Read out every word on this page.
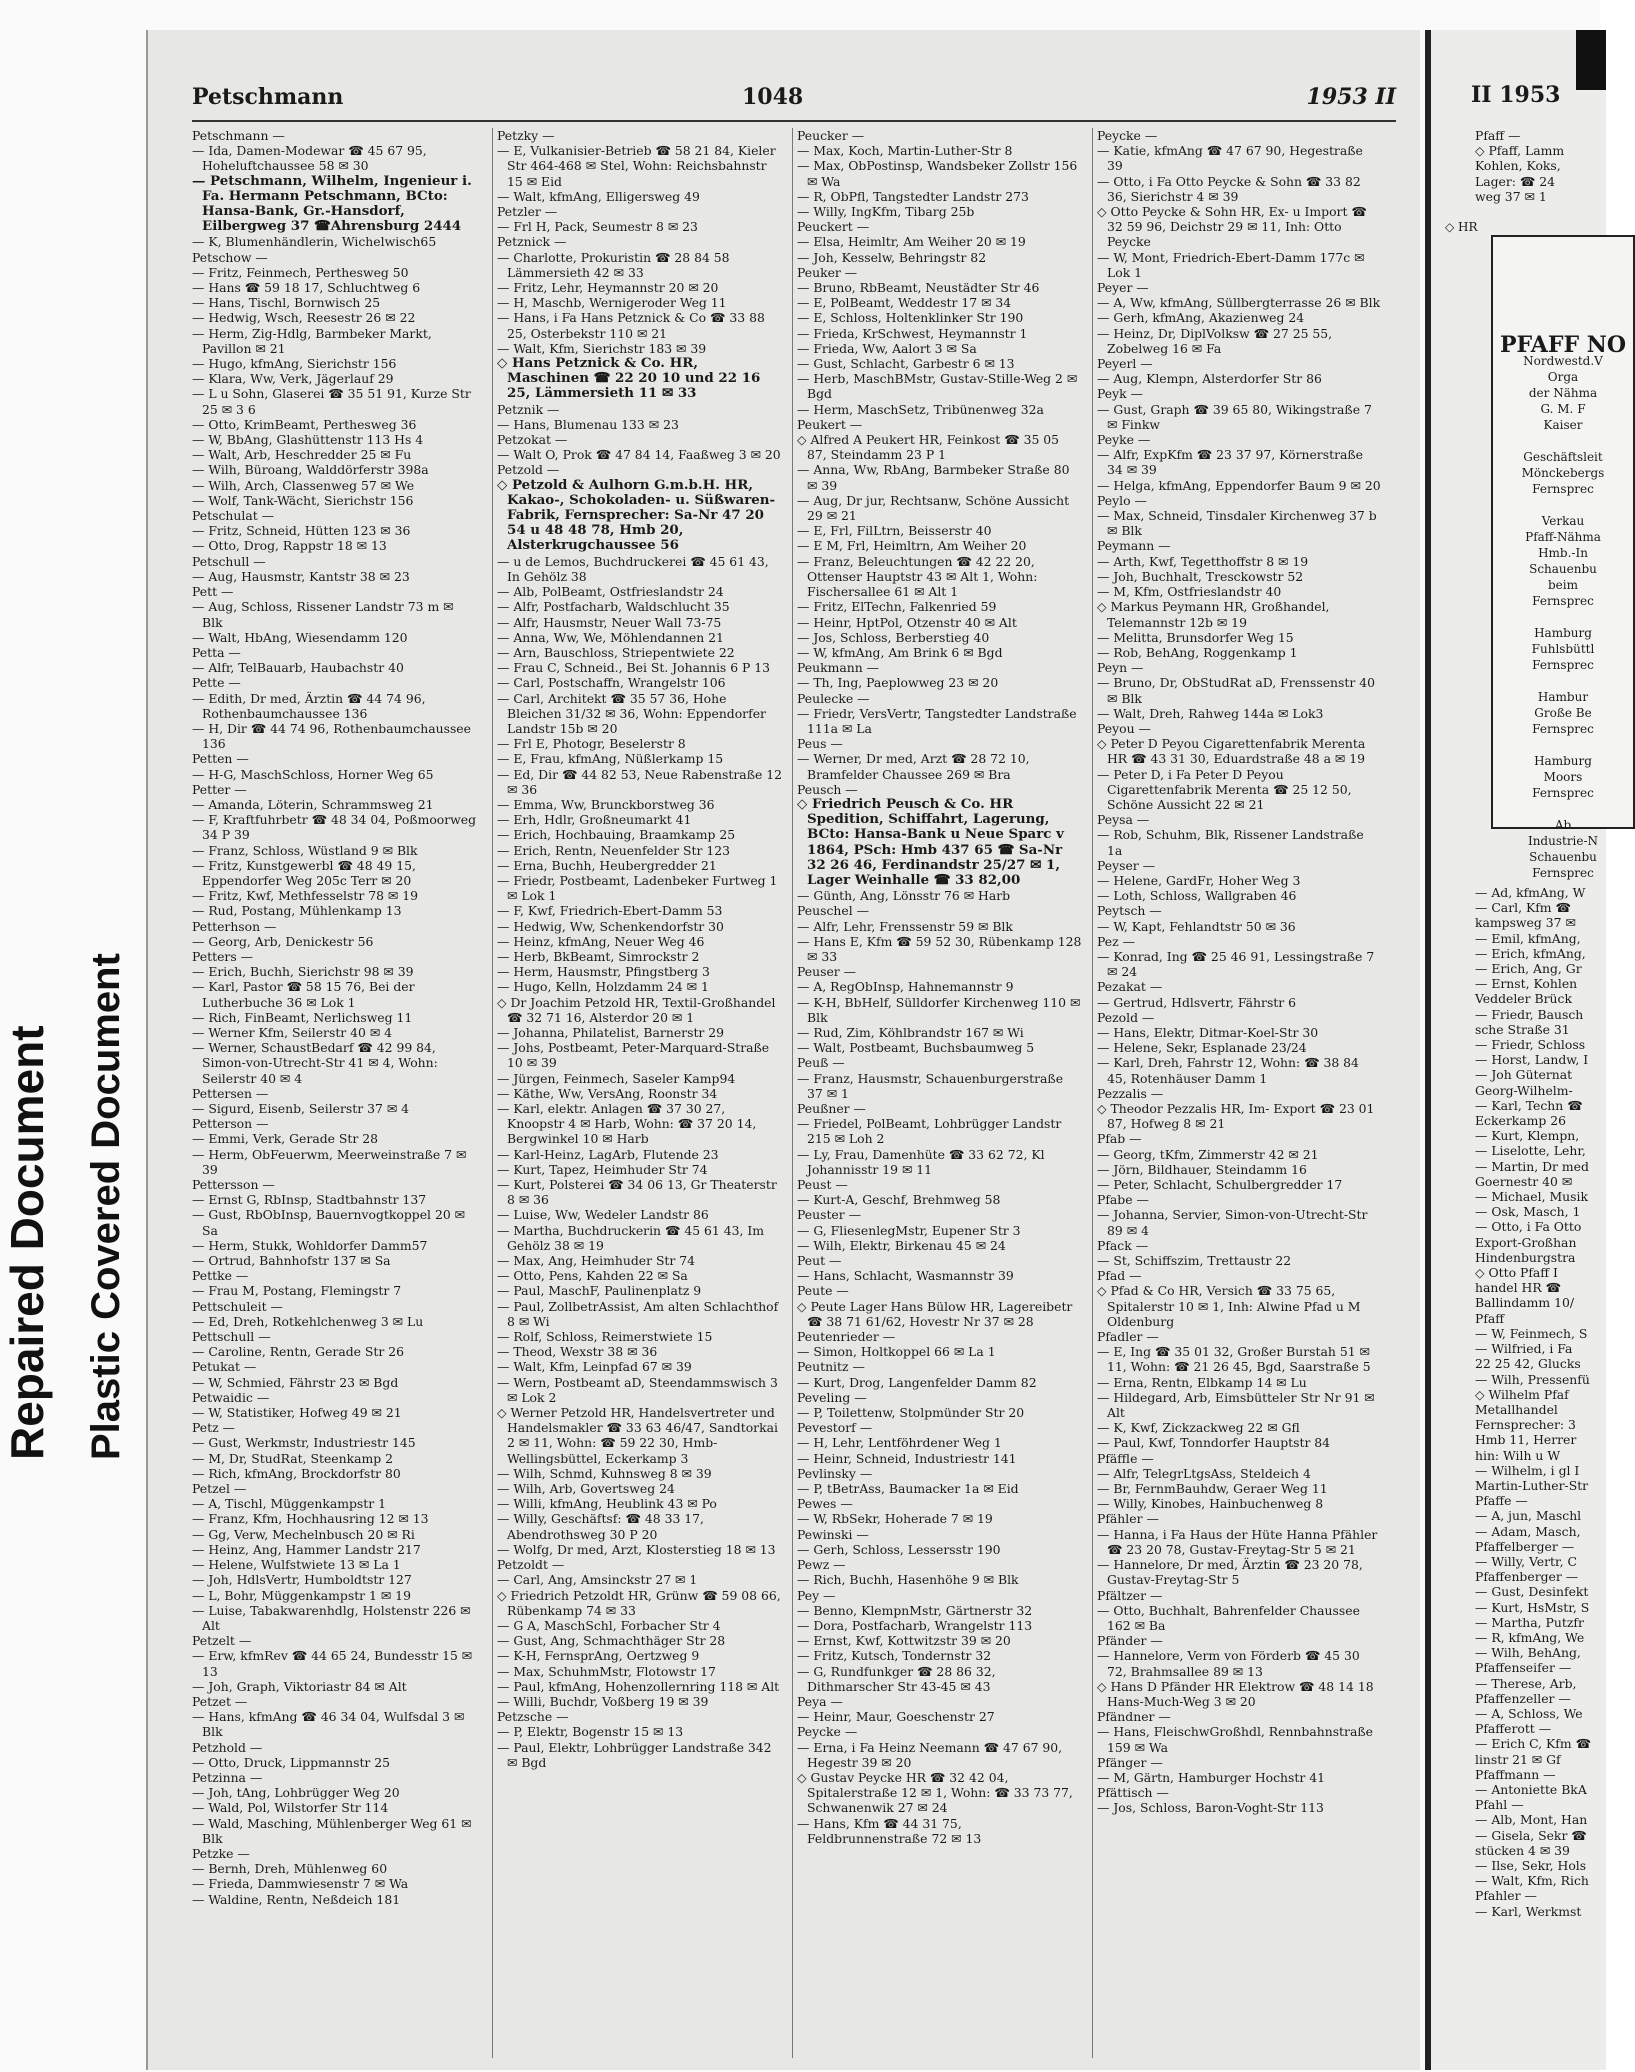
Repaired Document Plastic Covered Document
Petschmann	1048	1953 II

Petschmann —

— Ida, Damen-Modewar ☎ 45 67 95, Hoheluftchaussee 58 ✉ 30

— Petschmann, Wilhelm, Ingenieur i. Fa. Hermann Petschmann, BCto: Hansa-Bank, Gr.-Hansdorf, Eilbergweg 37 ☎Ahrensburg 2444

— K, Blumenhändlerin, Wichelwisch65

Petschow —

— Fritz, Feinmech, Perthesweg 50

— Hans ☎ 59 18 17, Schluchtweg 6

— Hans, Tischl, Bornwisch 25

— Hedwig, Wsch, Reesestr 26 ✉ 22

— Herm, Zig-Hdlg, Barmbeker Markt, Pavillon ✉ 21

— Hugo, kfmAng, Sierichstr 156

— Klara, Ww, Verk, Jägerlauf 29

— L u Sohn, Glaserei ☎ 35 51 91, Kurze Str 25 ✉ 3 6

— Otto, KrimBeamt, Perthesweg 36

— W, BbAng, Glashüttenstr 113 Hs 4

— Walt, Arb, Heschredder 25 ✉ Fu

— Wilh, Büroang, Walddörferstr 398a

— Wilh, Arch, Classenweg 57 ✉ We

— Wolf, Tank-Wächt, Sierichstr 156

Petschulat —

— Fritz, Schneid, Hütten 123 ✉ 36

— Otto, Drog, Rappstr 18 ✉ 13

Petschull —

— Aug, Hausmstr, Kantstr 38 ✉ 23

Pett —

— Aug, Schloss, Rissener Landstr 73 m ✉ Blk

— Walt, HbAng, Wiesendamm 120

Petta —

— Alfr, TelBauarb, Haubachstr 40

Pette —

— Edith, Dr med, Ärztin ☎ 44 74 96, Rothenbaumchaussee 136

— H, Dir ☎ 44 74 96, Rothenbaumchaussee 136

Petten —

— H-G, MaschSchloss, Horner Weg 65

Petter —

— Amanda, Löterin, Schrammsweg 21

— F, Kraftfuhrbetr ☎ 48 34 04, Poßmoorweg 34 P 39

— Franz, Schloss, Wüstland 9 ✉ Blk

— Fritz, Kunstgewerbl ☎ 48 49 15, Eppendorfer Weg 205c Terr ✉ 20

— Fritz, Kwf, Methfesselstr 78 ✉ 19

— Rud, Postang, Mühlenkamp 13

Petterhson —

— Georg, Arb, Denickestr 56

Petters —

— Erich, Buchh, Sierichstr 98 ✉ 39

— Karl, Pastor ☎ 58 15 76, Bei der Lutherbuche 36 ✉ Lok 1

— Rich, FinBeamt, Nerlichsweg 11

— Werner Kfm, Seilerstr 40 ✉ 4

— Werner, SchaustBedarf ☎ 42 99 84, Simon-von-Utrecht-Str 41 ✉ 4, Wohn: Seilerstr 40 ✉ 4

Pettersen —

— Sigurd, Eisenb, Seilerstr 37 ✉ 4

Petterson —

— Emmi, Verk, Gerade Str 28

— Herm, ObFeuerwm, Meerweinstraße 7 ✉ 39

Pettersson —

— Ernst G, RbInsp, Stadtbahnstr 137

— Gust, RbObInsp, Bauernvogtkoppel 20 ✉ Sa

— Herm, Stukk, Wohldorfer Damm57

— Ortrud, Bahnhofstr 137 ✉ Sa

Pettke —

— Frau M, Postang, Flemingstr 7

Pettschuleit —

— Ed, Dreh, Rotkehlchenweg 3 ✉ Lu

Pettschull —

— Caroline, Rentn, Gerade Str 26

Petukat —

— W, Schmied, Fährstr 23 ✉ Bgd

Petwaidic —

— W, Statistiker, Hofweg 49 ✉ 21

Petz —

— Gust, Werkmstr, Industriestr 145

— M, Dr, StudRat, Steenkamp 2

— Rich, kfmAng, Brockdorfstr 80

Petzel —

— A, Tischl, Müggenkampstr 1

— Franz, Kfm, Hochhausring 12 ✉ 13

— Gg, Verw, Mechelnbusch 20 ✉ Ri

— Heinz, Ang, Hammer Landstr 217

— Helene, Wulfstwiete 13 ✉ La 1

— Joh, HdlsVertr, Humboldtstr 127

— L, Bohr, Müggenkampstr 1 ✉ 19

— Luise, Tabakwarenhdlg, Holstenstr 226 ✉ Alt

Petzelt —

— Erw, kfmRev ☎ 44 65 24, Bundesstr 15 ✉ 13

— Joh, Graph, Viktoriastr 84 ✉ Alt

Petzet —

— Hans, kfmAng ☎ 46 34 04, Wulfsdal 3 ✉ Blk

Petzhold —

— Otto, Druck, Lippmannstr 25

Petzinna —

— Joh, tAng, Lohbrügger Weg 20

— Wald, Pol, Wilstorfer Str 114

— Wald, Masching, Mühlenberger Weg 61 ✉ Blk

Petzke —

— Bernh, Dreh, Mühlenweg 60

— Frieda, Dammwiesenstr 7 ✉ Wa

— Waldine, Rentn, Neßdeich 181

Petzky —

— E, Vulkanisier-Betrieb ☎ 58 21 84, Kieler Str 464-468 ✉ Stel, Wohn: Reichsbahnstr 15 ✉ Eid

— Walt, kfmAng, Elligersweg 49

Petzler —

— Frl H, Pack, Seumestr 8 ✉ 23

Petznick —

— Charlotte, Prokuristin ☎ 28 84 58 Lämmersieth 42 ✉ 33

— Fritz, Lehr, Heymannstr 20 ✉ 20

— H, Maschb, Wernigeroder Weg 11

— Hans, i Fa Hans Petznick & Co ☎ 33 88 25, Osterbekstr 110 ✉ 21

— Walt, Kfm, Sierichstr 183 ✉ 39

◇ Hans Petznick & Co. HR, Maschinen ☎ 22 20 10 und 22 16 25, Lämmersieth 11 ✉ 33

Petznik —

— Hans, Blumenau 133 ✉ 23

Petzokat —

— Walt O, Prok ☎ 47 84 14, Faaßweg 3 ✉ 20

Petzold —

◇ Petzold & Aulhorn G.m.b.H. HR, Kakao-, Schokoladen- u. Süßwaren-Fabrik, Fernsprecher: Sa-Nr 47 20 54 u 48 48 78, Hmb 20, Alsterkrugchaussee 56

— u de Lemos, Buchdruckerei ☎ 45 61 43, In Gehölz 38

— Alb, PolBeamt, Ostfrieslandstr 24

— Alfr, Postfacharb, Waldschlucht 35

— Alfr, Hausmstr, Neuer Wall 73-75

— Anna, Ww, We, Möhlendannen 21

— Arn, Bauschloss, Striepentwiete 22

— Frau C, Schneid., Bei St. Johannis 6 P 13

— Carl, Postschaffn, Wrangelstr 106

— Carl, Architekt ☎ 35 57 36, Hohe Bleichen 31/32 ✉ 36, Wohn: Eppendorfer Landstr 15b ✉ 20

— Frl E, Photogr, Beselerstr 8

— E, Frau, kfmAng, Nüßlerkamp 15

— Ed, Dir ☎ 44 82 53, Neue Rabenstraße 12 ✉ 36

— Emma, Ww, Brunckborstweg 36

— Erh, Hdlr, Großneumarkt 41

— Erich, Hochbauing, Braamkamp 25

— Erich, Rentn, Neuenfelder Str 123

— Erna, Buchh, Heubergredder 21

— Friedr, Postbeamt, Ladenbeker Furtweg 1 ✉ Lok 1

— F, Kwf, Friedrich-Ebert-Damm 53

— Hedwig, Ww, Schenkendorfstr 30

— Heinz, kfmAng, Neuer Weg 46

— Herb, BkBeamt, Simrockstr 2

— Herm, Hausmstr, Pfingstberg 3

— Hugo, Kelln, Holzdamm 24 ✉ 1

◇ Dr Joachim Petzold HR, Textil-Großhandel ☎ 32 71 16, Alsterdor 20 ✉ 1

— Johanna, Philatelist, Barnerstr 29

— Johs, Postbeamt, Peter-Marquard-Straße 10 ✉ 39

— Jürgen, Feinmech, Saseler Kamp94

— Käthe, Ww, VersAng, Roonstr 34

— Karl, elektr. Anlagen ☎ 37 30 27, Knoopstr 4 ✉ Harb, Wohn: ☎ 37 20 14, Bergwinkel 10 ✉ Harb

— Karl-Heinz, LagArb, Flutende 23

— Kurt, Tapez, Heimhuder Str 74

— Kurt, Polsterei ☎ 34 06 13, Gr Theaterstr 8 ✉ 36

— Luise, Ww, Wedeler Landstr 86

— Martha, Buchdruckerin ☎ 45 61 43, Im Gehölz 38 ✉ 19

— Max, Ang, Heimhuder Str 74

— Otto, Pens, Kahden 22 ✉ Sa

— Paul, MaschF, Paulinenplatz 9

— Paul, ZollbetrAssist, Am alten Schlachthof 8 ✉ Wi

— Rolf, Schloss, Reimerstwiete 15

— Theod, Wexstr 38 ✉ 36

— Walt, Kfm, Leinpfad 67 ✉ 39

— Wern, Postbeamt aD, Steendammswisch 3 ✉ Lok 2

◇ Werner Petzold HR, Handelsvertreter und Handelsmakler ☎ 33 63 46/47, Sandtorkai 2 ✉ 11, Wohn: ☎ 59 22 30, Hmb-Wellingsbüttel, Eckerkamp 3

— Wilh, Schmd, Kuhnsweg 8 ✉ 39

— Wilh, Arb, Govertsweg 24

— Willi, kfmAng, Heublink 43 ✉ Po

— Willy, Geschäftsf: ☎ 48 33 17, Abendrothsweg 30 P 20

— Wolfg, Dr med, Arzt, Klosterstieg 18 ✉ 13

Petzoldt —

— Carl, Ang, Amsinckstr 27 ✉ 1

◇ Friedrich Petzoldt HR, Grünw ☎ 59 08 66, Rübenkamp 74 ✉ 33

— G A, MaschSchl, Forbacher Str 4

— Gust, Ang, Schmachthäger Str 28

— K-H, FernsprAng, Oertzweg 9

— Max, SchuhmMstr, Flotowstr 17

— Paul, kfmAng, Hohenzollernring 118 ✉ Alt

— Willi, Buchdr, Voßberg 19 ✉ 39

Petzsche —

— P, Elektr, Bogenstr 15 ✉ 13

— Paul, Elektr, Lohbrügger Landstraße 342 ✉ Bgd

Peucker —

— Max, Koch, Martin-Luther-Str 8

— Max, ObPostinsp, Wandsbeker Zollstr 156 ✉ Wa

— R, ObPfl, Tangstedter Landstr 273

— Willy, IngKfm, Tibarg 25b

Peuckert —

— Elsa, Heimltr, Am Weiher 20 ✉ 19

— Joh, Kesselw, Behringstr 82

Peuker —

— Bruno, RbBeamt, Neustädter Str 46

— E, PolBeamt, Weddestr 17 ✉ 34

— E, Schloss, Holtenklinker Str 190

— Frieda, KrSchwest, Heymannstr 1

— Frieda, Ww, Aalort 3 ✉ Sa

— Gust, Schlacht, Garbestr 6 ✉ 13

— Herb, MaschBMstr, Gustav-Stille-Weg 2 ✉ Bgd

— Herm, MaschSetz, Tribünenweg 32a

Peukert —

◇ Alfred A Peukert HR, Feinkost ☎ 35 05 87, Steindamm 23 P 1

— Anna, Ww, RbAng, Barmbeker Straße 80 ✉ 39

— Aug, Dr jur, Rechtsanw, Schöne Aussicht 29 ✉ 21

— E, Frl, FilLtrn, Beisserstr 40

— E M, Frl, Heimltrn, Am Weiher 20

— Franz, Beleuchtungen ☎ 42 22 20, Ottenser Hauptstr 43 ✉ Alt 1, Wohn: Fischersallee 61 ✉ Alt 1

— Fritz, ElTechn, Falkenried 59

— Heinr, HptPol, Otzenstr 40 ✉ Alt

— Jos, Schloss, Berberstieg 40

— W, kfmAng, Am Brink 6 ✉ Bgd

Peukmann —

— Th, Ing, Paeplowweg 23 ✉ 20

Peulecke —

— Friedr, VersVertr, Tangstedter Landstraße 111a ✉ La

Peus —

— Werner, Dr med, Arzt ☎ 28 72 10, Bramfelder Chaussee 269 ✉ Bra

Peusch —

◇ Friedrich Peusch & Co. HR Spedition, Schiffahrt, Lagerung, BCto: Hansa-Bank u Neue Sparc v 1864, PSch: Hmb 437 65 ☎ Sa-Nr 32 26 46, Ferdinandstr 25/27 ✉ 1, Lager Weinhalle ☎ 33 82,00

— Günth, Ang, Lönsstr 76 ✉ Harb

Peuschel —

— Alfr, Lehr, Frenssenstr 59 ✉ Blk

— Hans E, Kfm ☎ 59 52 30, Rübenkamp 128 ✉ 33

Peuser —

— A, RegObInsp, Hahnemannstr 9

— K-H, BbHelf, Sülldorfer Kirchenweg 110 ✉ Blk

— Rud, Zim, Köhlbrandstr 167 ✉ Wi

— Walt, Postbeamt, Buchsbaumweg 5

Peuß —

— Franz, Hausmstr, Schauenburgerstraße 37 ✉ 1

Peußner —

— Friedel, PolBeamt, Lohbrügger Landstr 215 ✉ Loh 2

— Ly, Frau, Damenhüte ☎ 33 62 72, Kl Johannisstr 19 ✉ 11

Peust —

— Kurt-A, Geschf, Brehmweg 58

Peuster —

— G, FliesenlegMstr, Eupener Str 3

— Wilh, Elektr, Birkenau 45 ✉ 24

Peut —

— Hans, Schlacht, Wasmannstr 39

Peute —

◇ Peute Lager Hans Bülow HR, Lagereibetr ☎ 38 71 61/62, Hovestr Nr 37 ✉ 28

Peutenrieder —

— Simon, Holtkoppel 66 ✉ La 1

Peutnitz —

— Kurt, Drog, Langenfelder Damm 82

Peveling —

— P, Toilettenw, Stolpmünder Str 20

Pevestorf —

— H, Lehr, Lentföhrdener Weg 1

— Heinr, Schneid, Industriestr 141

Pevlinsky —

— P, tBetrAss, Baumacker 1a ✉ Eid

Pewes —

— W, RbSekr, Hoherade 7 ✉ 19

Pewinski —

— Gerh, Schloss, Lessersstr 190

Pewz —

— Rich, Buchh, Hasenhöhe 9 ✉ Blk

Pey —

— Benno, KlempnMstr, Gärtnerstr 32

— Dora, Postfacharb, Wrangelstr 113

— Ernst, Kwf, Kottwitzstr 39 ✉ 20

— Fritz, Kutsch, Tondernstr 32

— G, Rundfunkger ☎ 28 86 32, Dithmarscher Str 43-45 ✉ 43

Peya —

— Heinr, Maur, Goeschenstr 27

Peycke —

— Erna, i Fa Heinz Neemann ☎ 47 67 90, Hegestr 39 ✉ 20

◇ Gustav Peycke HR ☎ 32 42 04, Spitalerstraße 12 ✉ 1, Wohn: ☎ 33 73 77, Schwanenwik 27 ✉ 24

— Hans, Kfm ☎ 44 31 75, Feldbrunnenstraße 72 ✉ 13

Peycke —

— Katie, kfmAng ☎ 47 67 90, Hegestraße 39

— Otto, i Fa Otto Peycke & Sohn ☎ 33 82 36, Sierichstr 4 ✉ 39

◇ Otto Peycke & Sohn HR, Ex- u Import ☎ 32 59 96, Deichstr 29 ✉ 11, Inh: Otto Peycke

— W, Mont, Friedrich-Ebert-Damm 177c ✉ Lok 1

Peyer —

— A, Ww, kfmAng, Süllbergterrasse 26 ✉ Blk

— Gerh, kfmAng, Akazienweg 24

— Heinz, Dr, DiplVolksw ☎ 27 25 55, Zobelweg 16 ✉ Fa

Peyerl —

— Aug, Klempn, Alsterdorfer Str 86

Peyk —

— Gust, Graph ☎ 39 65 80, Wikingstraße 7 ✉ Finkw

Peyke —

— Alfr, ExpKfm ☎ 23 37 97, Körnerstraße 34 ✉ 39

— Helga, kfmAng, Eppendorfer Baum 9 ✉ 20

Peylo —

— Max, Schneid, Tinsdaler Kirchenweg 37 b ✉ Blk

Peymann —

— Arth, Kwf, Tegetthoffstr 8 ✉ 19

— Joh, Buchhalt, Tresckowstr 52

— M, Kfm, Ostfrieslandstr 40

◇ Markus Peymann HR, Großhandel, Telemannstr 12b ✉ 19

— Melitta, Brunsdorfer Weg 15

— Rob, BehAng, Roggenkamp 1

Peyn —

— Bruno, Dr, ObStudRat aD, Frenssenstr 40 ✉ Blk

— Walt, Dreh, Rahweg 144a ✉ Lok3

Peyou —

◇ Peter D Peyou Cigarettenfabrik Merenta HR ☎ 43 31 30, Eduardstraße 48 a ✉ 19

— Peter D, i Fa Peter D Peyou Cigarettenfabrik Merenta ☎ 25 12 50, Schöne Aussicht 22 ✉ 21

Peysa —

— Rob, Schuhm, Blk, Rissener Landstraße 1a

Peyser —

— Helene, GardFr, Hoher Weg 3

— Loth, Schloss, Wallgraben 46

Peytsch —

— W, Kapt, Fehlandtstr 50 ✉ 36

Pez —

— Konrad, Ing ☎ 25 46 91, Lessingstraße 7 ✉ 24

Pezakat —

— Gertrud, Hdlsvertr, Fährstr 6

Pezold —

— Hans, Elektr, Ditmar-Koel-Str 30

— Helene, Sekr, Esplanade 23/24

— Karl, Dreh, Fahrstr 12, Wohn: ☎ 38 84 45, Rotenhäuser Damm 1

Pezzalis —

◇ Theodor Pezzalis HR, Im- Export ☎ 23 01 87, Hofweg 8 ✉ 21

Pfab —

— Georg, tKfm, Zimmerstr 42 ✉ 21

— Jörn, Bildhauer, Steindamm 16

— Peter, Schlacht, Schulbergredder 17

Pfabe —

— Johanna, Servier, Simon-von-Utrecht-Str 89 ✉ 4

Pfack —

— St, Schiffszim, Trettaustr 22

Pfad —

◇ Pfad & Co HR, Versich ☎ 33 75 65, Spitalerstr 10 ✉ 1, Inh: Alwine Pfad u M Oldenburg

Pfadler —

— E, Ing ☎ 35 01 32, Großer Burstah 51 ✉ 11, Wohn: ☎ 21 26 45, Bgd, Saarstraße 5

— Erna, Rentn, Elbkamp 14 ✉ Lu

— Hildegard, Arb, Eimsbütteler Str Nr 91 ✉ Alt

— K, Kwf, Zickzackweg 22 ✉ Gfl

— Paul, Kwf, Tonndorfer Hauptstr 84

Pfäffle —

— Alfr, TelegrLtgsAss, Steldeich 4

— Br, FernmBauhdw, Geraer Weg 11

— Willy, Kinobes, Hainbuchenweg 8

Pfähler —

— Hanna, i Fa Haus der Hüte Hanna Pfähler ☎ 23 20 78, Gustav-Freytag-Str 5 ✉ 21

— Hannelore, Dr med, Ärztin ☎ 23 20 78, Gustav-Freytag-Str 5

Pfältzer —

— Otto, Buchhalt, Bahrenfelder Chaussee 162 ✉ Ba

Pfänder —

— Hannelore, Verm von Förderb ☎ 45 30 72, Brahmsallee 89 ✉ 13

◇ Hans D Pfänder HR Elektrow ☎ 48 14 18 Hans-Much-Weg 3 ✉ 20

Pfändner —

— Hans, FleischwGroßhdl, Rennbahnstraße 159 ✉ Wa

Pfänger —

— M, Gärtn, Hamburger Hochstr 41

Pfättisch —

— Jos, Schloss, Baron-Voght-Str 113

II 1953
Pfaff —
◇ Pfaff, Lamm
Kohlen, Koks,
Lager: ☎ 24
weg 37 ✉ 1
◇ HR
PFAFF NO
Nordwestd.V
Orga
der Nähma
G. M. F
Kaiser

Geschäftsleit
Mönckebergs
Fernsprec

Verkau
Pfaff-Nähma
Hmb.-In
Schauenbu
beim
Fernsprec

Hamburg
Fuhlsbüttl
Fernsprec

Hambur
Große Be
Fernsprec

Hamburg
Moors
Fernsprec

Ab
Industrie-N
Schauenbu
Fernsprec
— Ad, kfmAng, W
— Carl, Kfm ☎
kampsweg 37 ✉
— Emil, kfmAng,
— Erich, kfmAng,
— Erich, Ang, Gr
— Ernst, Kohlen
Veddeler Brück
— Friedr, Bausch
sche Straße 31
— Friedr, Schloss
— Horst, Landw, I
— Joh Güternat
Georg-Wilhelm-
— Karl, Techn ☎
Eckerkamp 26
— Kurt, Klempn,
— Liselotte, Lehr,
— Martin, Dr med
Goernestr 40 ✉
— Michael, Musik
— Osk, Masch, 1
— Otto, i Fa Otto
Export-Großhan
Hindenburgstra
◇ Otto Pfaff I
handel HR ☎
Ballindamm 10/
Pfaff
— W, Feinmech, S
— Wilfried, i Fa
22 25 42, Glucks
— Wilh, Pressenfü
◇ Wilhelm Pfaf
Metallhandel
Fernsprecher: 3
Hmb 11, Herrer
hin: Wilh u W
— Wilhelm, i gl I
Martin-Luther-Str
Pfaffe —
— A, jun, Maschl
— Adam, Masch,
Pfaffelberger —
— Willy, Vertr, C
Pfaffenberger —
— Gust, Desinfekt
— Kurt, HsMstr, S
— Martha, Putzfr
— R, kfmAng, We
— Wilh, BehAng,
Pfaffenseifer —
— Therese, Arb,
Pfaffenzeller —
— A, Schloss, We
Pfafferott —
— Erich C, Kfm ☎
linstr 21 ✉ Gf
Pfaffmann —
— Antoniette BkA
Pfahl —
— Alb, Mont, Han
— Gisela, Sekr ☎
stücken 4 ✉ 39
— Ilse, Sekr, Hols
— Walt, Kfm, Rich
Pfahler —
— Karl, Werkmst
